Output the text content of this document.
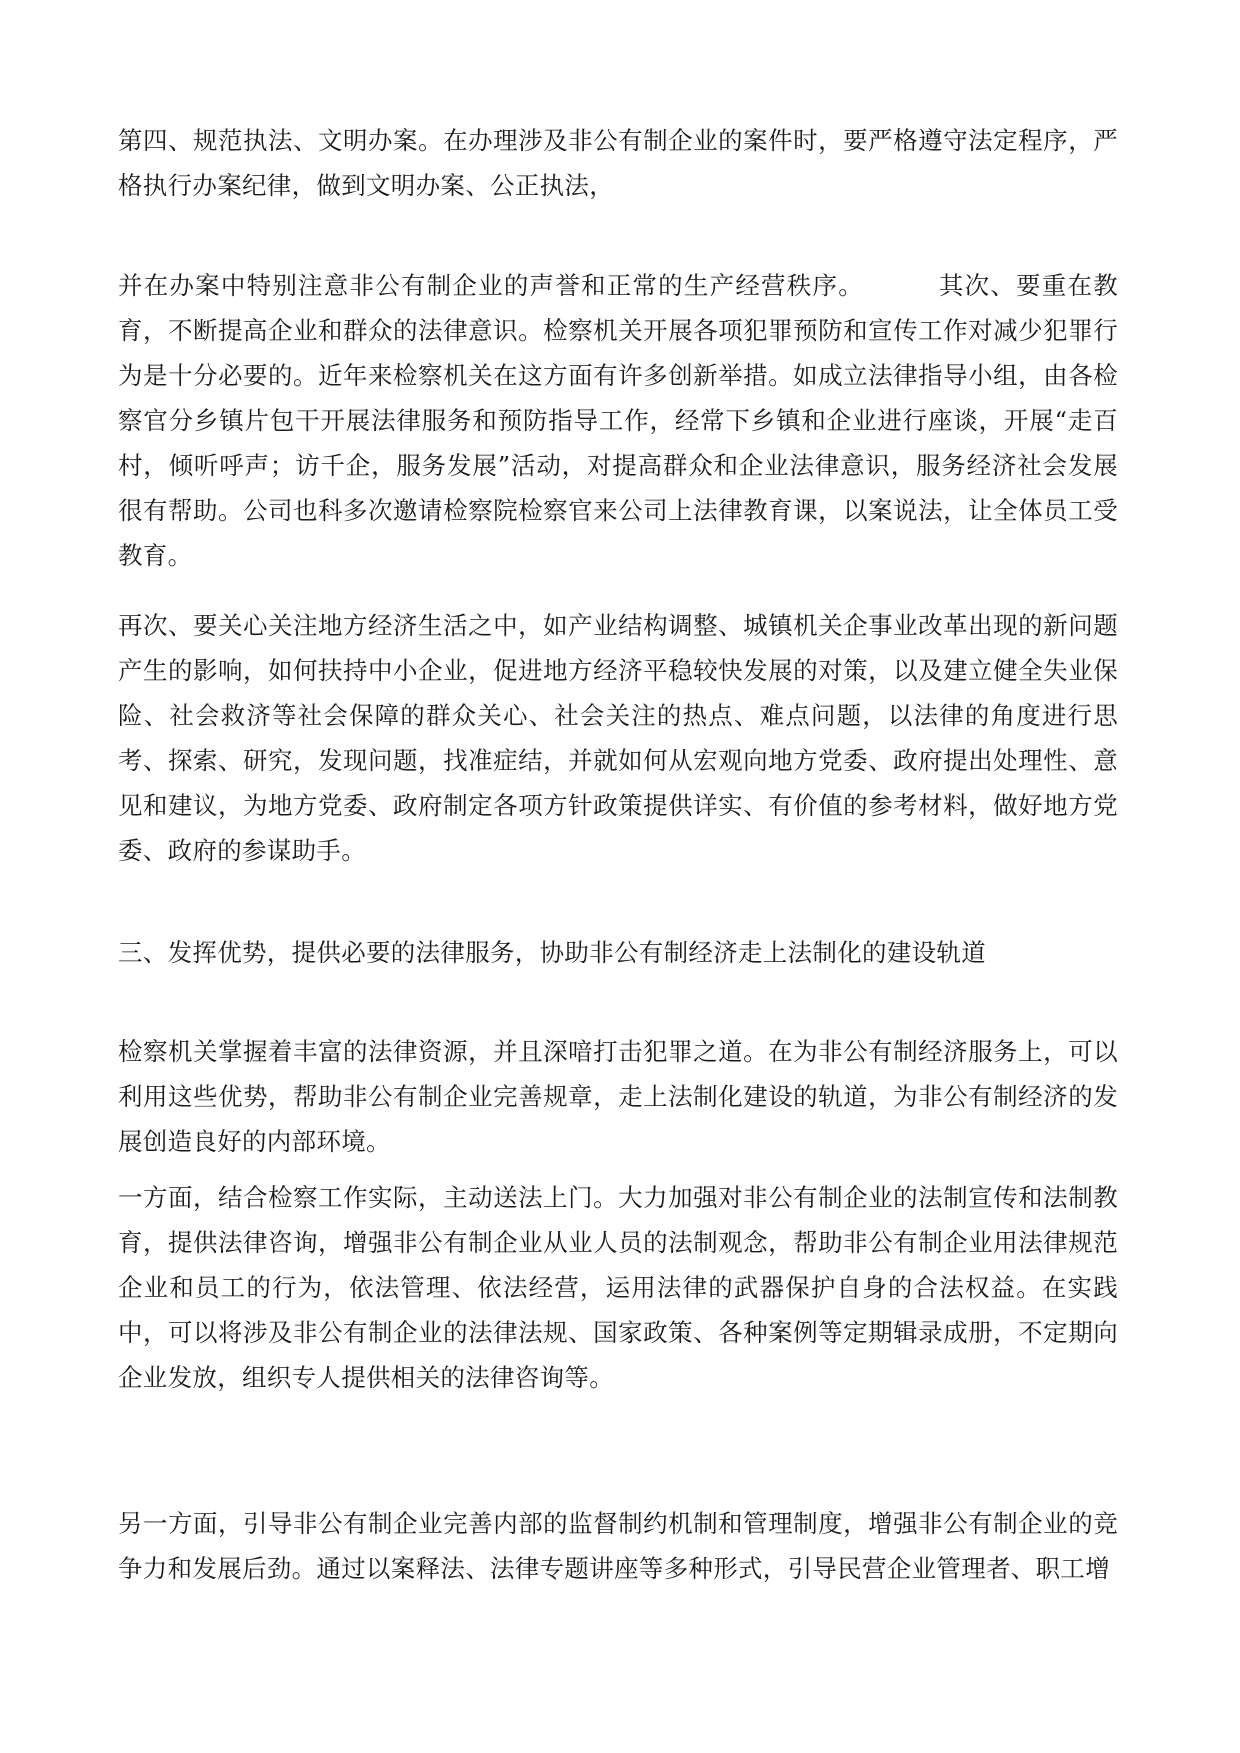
第四、规范执法、文明办案。在办理涉及非公有制企业的案件时，要严格遵守法定程序，严格执行办案纪律，做到文明办案、公正执法，

并在办案中特别注意非公有制企业的声誉和正常的生产经营秩序。	其次、要重在教育，不断提高企业和群众的法律意识。检察机关开展各项犯罪预防和宣传工作对减少犯罪行为是十分必要的。近年来检察机关在这方面有许多创新举措。如成立法律指导小组，由各检察官分乡镇片包干开展法律服务和预防指导工作，经常下乡镇和企业进行座谈，开展“走百村，倾听呼声；访千企，服务发展”活动，对提高群众和企业法律意识，服务经济社会发展很有帮助。公司也科多次邀请检察院检察官来公司上法律教育课，以案说法，让全体员工受教育。

再次、要关心关注地方经济生活之中，如产业结构调整、城镇机关企事业改革出现的新问题产生的影响，如何扶持中小企业，促进地方经济平稳较快发展的对策，以及建立健全失业保险、社会救济等社会保障的群众关心、社会关注的热点、难点问题，以法律的角度进行思考、探索、研究，发现问题，找准症结，并就如何从宏观向地方党委、政府提出处理性、意见和建议，为地方党委、政府制定各项方针政策提供详实、有价值的参考材料，做好地方党委、政府的参谋助手。

三、发挥优势，提供必要的法律服务，协助非公有制经济走上法制化的建设轨道

检察机关掌握着丰富的法律资源，并且深喑打击犯罪之道。在为非公有制经济服务上，可以利用这些优势，帮助非公有制企业完善规章，走上法制化建设的轨道，为非公有制经济的发展创造良好的内部环境。

一方面，结合检察工作实际，主动送法上门。大力加强对非公有制企业的法制宣传和法制教育，提供法律咨询，增强非公有制企业从业人员的法制观念，帮助非公有制企业用法律规范企业和员工的行为，依法管理、依法经营，运用法律的武器保护自身的合法权益。在实践中，可以将涉及非公有制企业的法律法规、国家政策、各种案例等定期辑录成册，不定期向企业发放，组织专人提供相关的法律咨询等。

另一方面，引导非公有制企业完善内部的监督制约机制和管理制度，增强非公有制企业的竞争力和发展后劲。通过以案释法、法律专题讲座等多种形式，引导民营企业管理者、职工增
